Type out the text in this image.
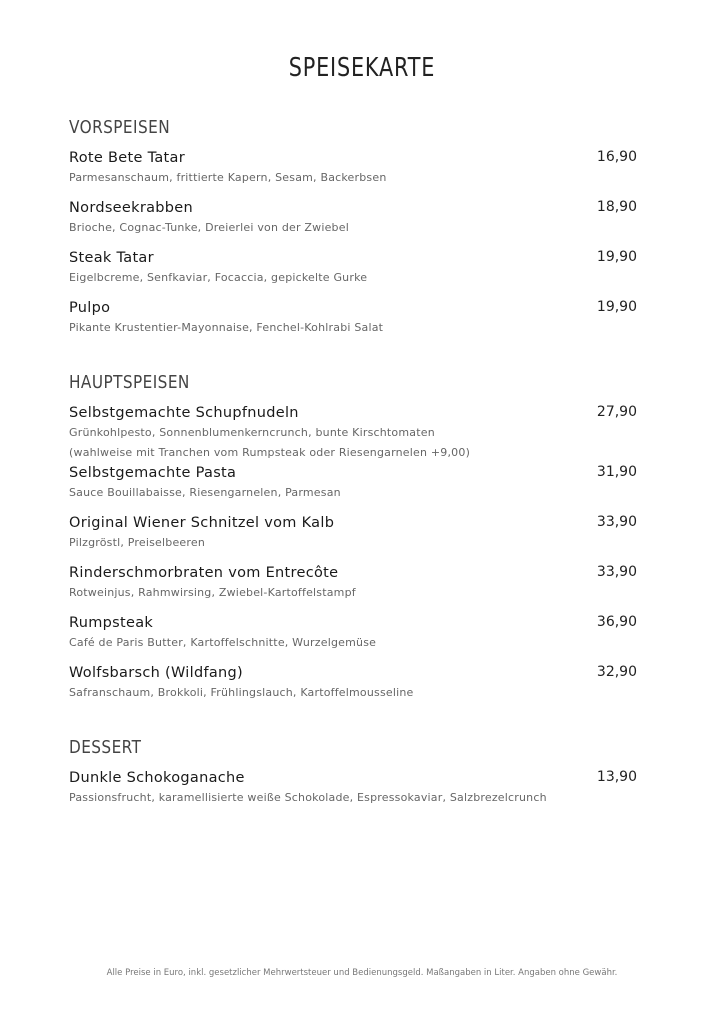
SPEISEKARTE
VORSPEISEN
Rote Bete Tatar
Parmesanschaum, frittierte Kapern, Sesam, Backerbsen
16,90
Nordseekrabben
Brioche, Cognac-Tunke, Dreierlei von der Zwiebel
18,90
Steak Tatar
Eigelbcreme, Senfkaviar, Focaccia, gepickelte Gurke
19,90
Pulpo
Pikante Krustentier-Mayonnaise, Fenchel-Kohlrabi Salat
19,90
HAUPTSPEISEN
Selbstgemachte Schupfnudeln
Grünkohlpesto, Sonnenblumenkerncrunch, bunte Kirschtomaten
(wahlweise mit Tranchen vom Rumpsteak oder Riesengarnelen +9,00)
27,90
Selbstgemachte Pasta
Sauce Bouillabaisse, Riesengarnelen, Parmesan
31,90
Original Wiener Schnitzel vom Kalb
Pilzgröstl, Preiselbeeren
33,90
Rinderschmorbraten vom Entrecôte
Rotweinjus, Rahmwirsing, Zwiebel-Kartoffelstampf
33,90
Rumpsteak
Café de Paris Butter, Kartoffelschnitte, Wurzelgemüse
36,90
Wolfsbarsch (Wildfang)
Safranschaum, Brokkoli, Frühlingslauch, Kartoffelmousseline
32,90
DESSERT
Dunkle Schokoganache
Passionsfrucht, karamellisierte weiße Schokolade, Espressokaviar, Salzbrezelcrunch
13,90
Alle Preise in Euro, inkl. gesetzlicher Mehrwertsteuer und Bedienungsgeld. Maßangaben in Liter. Angaben ohne Gewähr.
